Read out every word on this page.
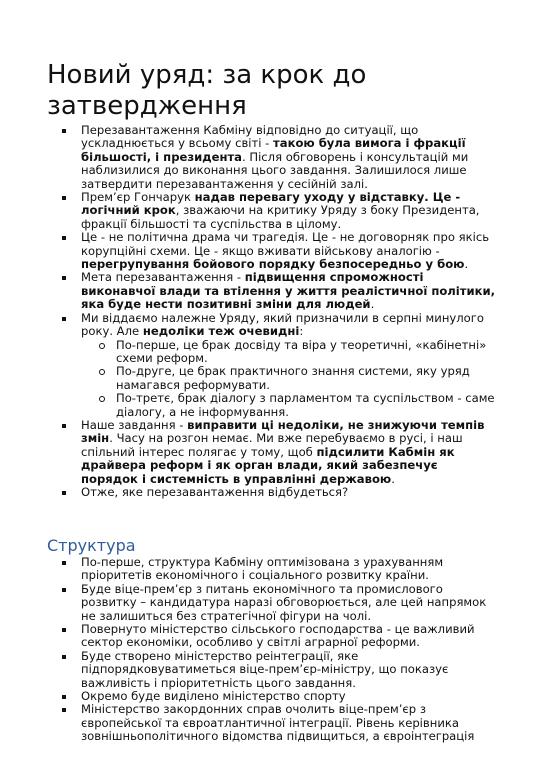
Новий уряд: за крок до затвердження
Перезавантаження Кабміну відповідно до ситуації, що ускладнюється у всьому світі - такою була вимога і фракції більшості, і президента. Після обговорень і консультацій ми наблизилися до виконання цього завдання. Залишилося лише затвердити перезавантаження у сесійній залі.
Прем’єр Гончарук надав перевагу уходу у відставку. Це - логічний крок, зважаючи на критику Уряду з боку Президента, фракції більшості та суспільства в цілому.
Це - не політична драма чи трагедія. Це - не договорняк про якісь корупційні схеми. Це - якщо вживати військову аналогію - перегрупування бойового порядку безпосередньо у бою.
Мета перезавантаження - підвищення спроможності виконавчої влади та втілення у життя реалістичної політики, яка буде нести позитивні зміни для людей.
Ми віддаємо належне Уряду, який призначили в серпні минулого року. Але недоліки теж очевидні:
По-перше, це брак досвіду та віра у теоретичні, «кабінетні» схеми реформ.
По-друге, це брак практичного знання системи, яку уряд намагався реформувати.
По-третє, брак діалогу з парламентом та суспільством - саме діалогу, а не інформування.
Наше завдання - виправити ці недоліки, не знижуючи темпів змін. Часу на розгон немає. Ми вже перебуваємо в русі, і наш спільний інтерес полягає у тому, щоб підсилити Кабмін як драйвера реформ і як орган влади, який забезпечує порядок і системність в управлінні державою.
Отже, яке перезавантаження відбудеться?
Структура
По-перше, структура Кабміну оптимізована з урахуванням пріоритетів економічного і соціального розвитку країни.
Буде віце-прем’єр з питань економічного та промислового розвитку – кандидатура наразі обговорюється, але цей напрямок не залишиться без стратегічної фігури на чолі.
Повернуто міністерство сільського господарства - це важливий сектор економіки, особливо у світлі аграрної реформи.
Буде створено міністерство реінтеграції, яке підпорядковуватиметься віце-прем’єр-міністру, що показує важливість і пріоритетність цього завдання.
Окремо буде виділено міністерство спорту
Міністерство закордонних справ очолить віце-прем’єр з європейської та євроатлантичної інтеграції. Рівень керівника зовнішньополітичного відомства підвищиться, а євроінтеграція
